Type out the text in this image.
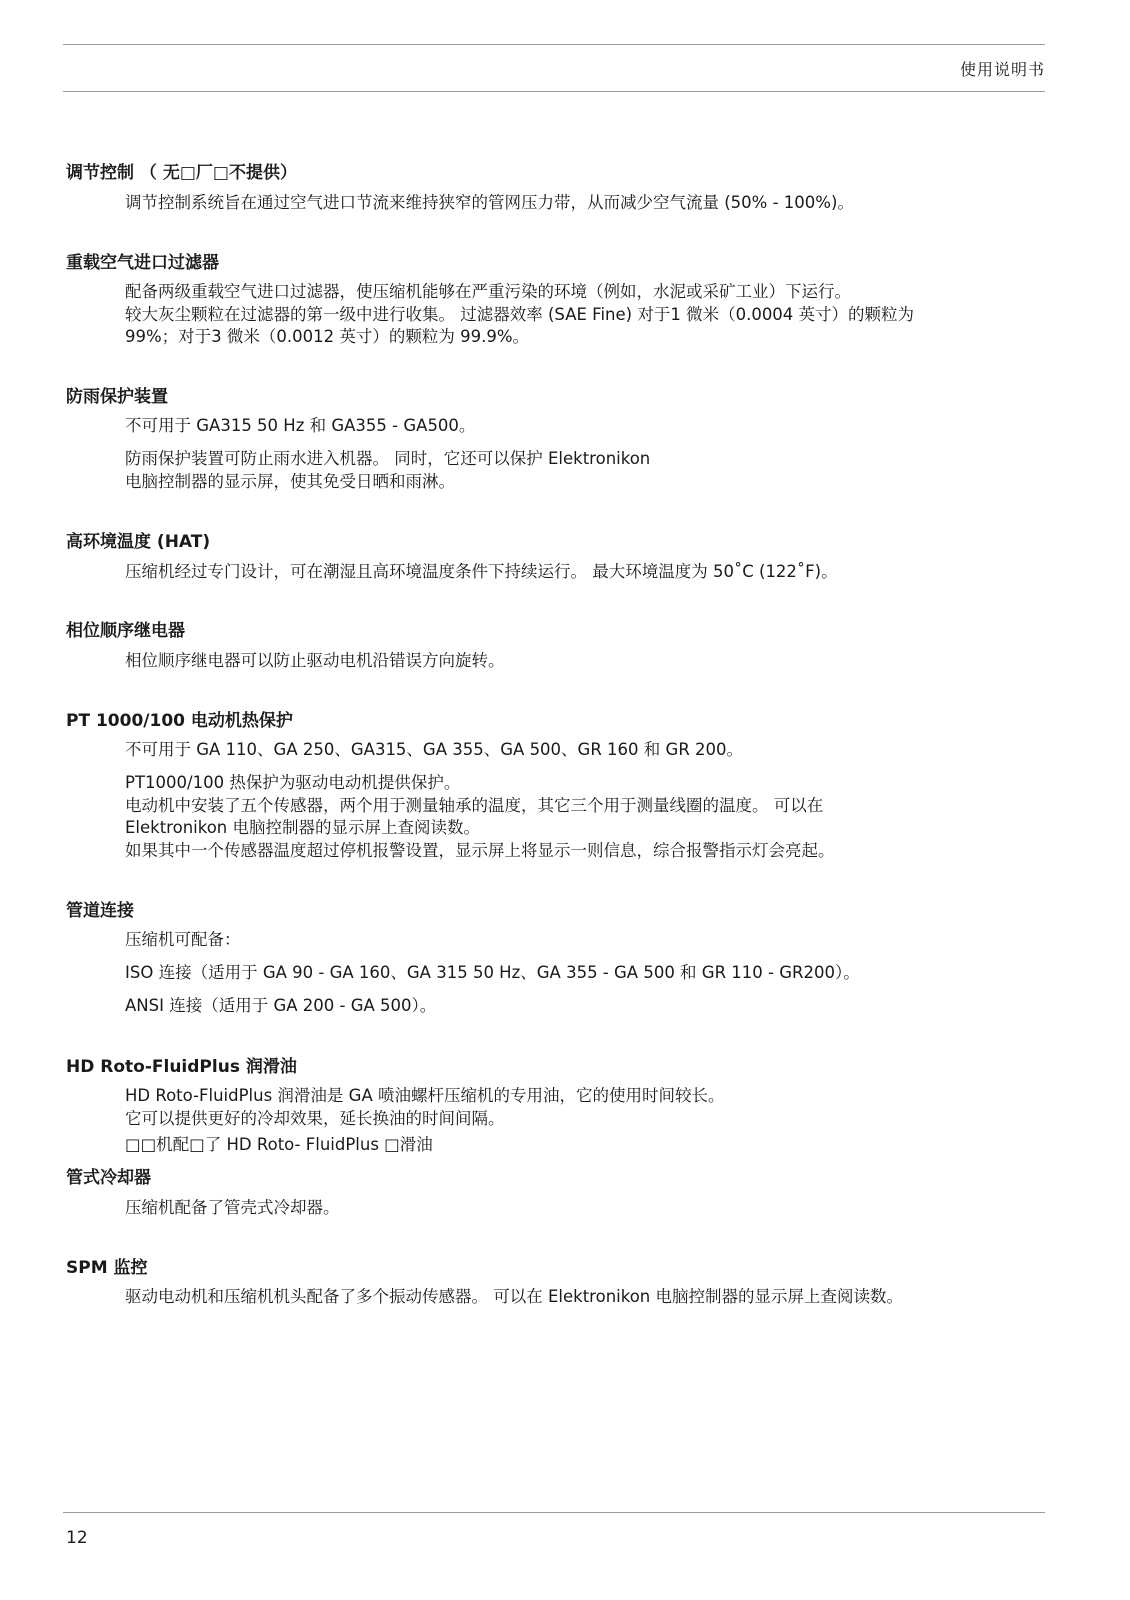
使用说明书
调节控制 （ 无□厂□不提供）
调节控制系统旨在通过空气进口节流来维持狭窄的管网压力带，从而减少空气流量 (50% - 100%)。
重载空气进口过滤器
配备两级重载空气进口过滤器，使压缩机能够在严重污染的环境（例如，水泥或采矿工业）下运行。
较大灰尘颗粒在过滤器的第一级中进行收集。 过滤器效率 (SAE Fine) 对于1 微米（0.0004 英寸）的颗粒为
99%；对于3 微米（0.0012 英寸）的颗粒为 99.9%。
防雨保护装置
不可用于 GA315 50 Hz 和 GA355 - GA500。
防雨保护装置可防止雨水进入机器。 同时，它还可以保护 Elektronikon
电脑控制器的显示屏，使其免受日晒和雨淋。
高环境温度 (HAT)
压缩机经过专门设计，可在潮湿且高环境温度条件下持续运行。 最大环境温度为 50˚C (122˚F)。
相位顺序继电器
相位顺序继电器可以防止驱动电机沿错误方向旋转。
PT 1000/100 电动机热保护
不可用于 GA 110、GA 250、GA315、GA 355、GA 500、GR 160 和 GR 200。
PT1000/100 热保护为驱动电动机提供保护。
电动机中安装了五个传感器，两个用于测量轴承的温度，其它三个用于测量线圈的温度。 可以在
Elektronikon 电脑控制器的显示屏上查阅读数。
如果其中一个传感器温度超过停机报警设置，显示屏上将显示一则信息，综合报警指示灯会亮起。
管道连接
压缩机可配备：
ISO 连接（适用于 GA 90 - GA 160、GA 315 50 Hz、GA 355 - GA 500 和 GR 110 - GR200）。
ANSI 连接（适用于 GA 200 - GA 500）。
HD Roto-FluidPlus 润滑油
HD Roto-FluidPlus 润滑油是 GA 喷油螺杆压缩机的专用油，它的使用时间较长。
它可以提供更好的冷却效果，延长换油的时间间隔。
□□机配□了 HD Roto- FluidPlus □滑油
管式冷却器
压缩机配备了管壳式冷却器。
SPM 监控
驱动电动机和压缩机机头配备了多个振动传感器。 可以在 Elektronikon 电脑控制器的显示屏上查阅读数。
12
